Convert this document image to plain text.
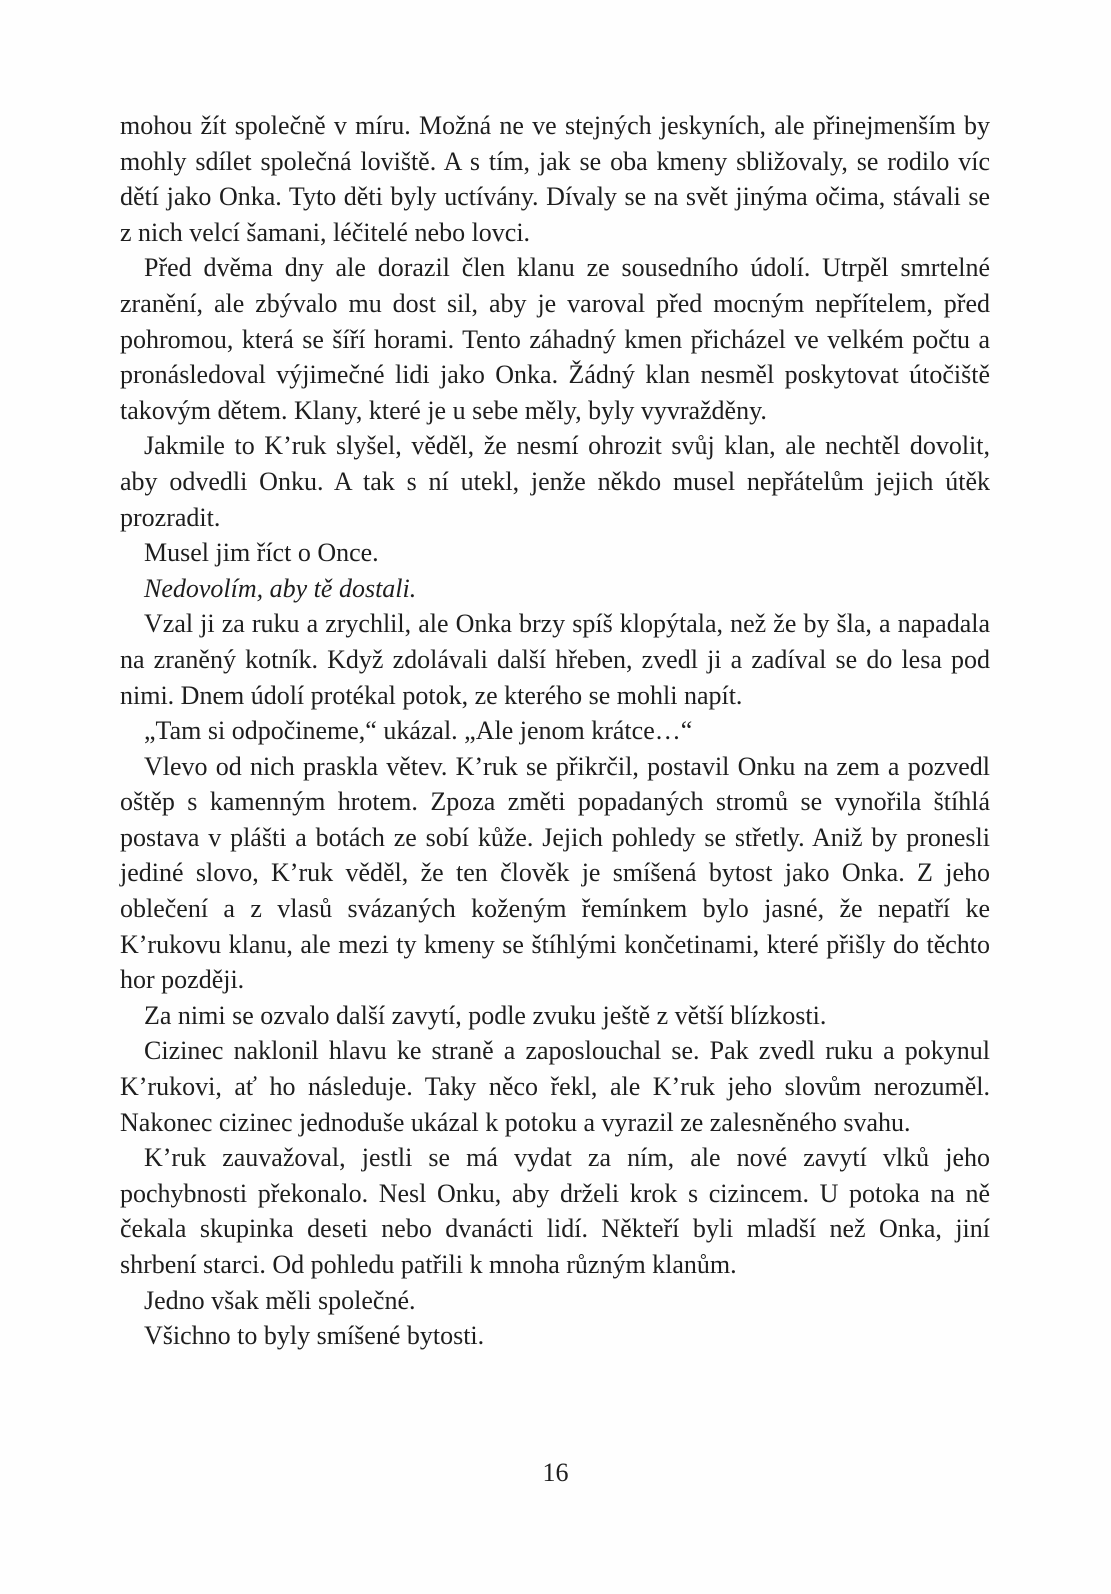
mohou žít společně v míru. Možná ne ve stejných jeskyních, ale přinejmenším by mohly sdílet společná loviště. A s tím, jak se oba kmeny sbližovaly, se rodilo víc dětí jako Onka. Tyto děti byly uctívány. Dívaly se na svět jinýma očima, stávali se z nich velcí šamani, léčitelé nebo lovci.

Před dvěma dny ale dorazil člen klanu ze sousedního údolí. Utrpěl smrtelné zranění, ale zbývalo mu dost sil, aby je varoval před mocným nepřítelem, před pohromou, která se šíří horami. Tento záhadný kmen přicházel ve velkém počtu a pronásledoval výjimečné lidi jako Onka. Žádný klan nesměl poskytovat útočiště takovým dětem. Klany, které je u sebe měly, byly vyvražděny.

Jakmile to K’ruk slyšel, věděl, že nesmí ohrozit svůj klan, ale nechtěl dovolit, aby odvedli Onku. A tak s ní utekl, jenže někdo musel nepřátelům jejich útěk prozradit.

Musel jim říct o Once.

Nedovolím, aby tě dostali.

Vzal ji za ruku a zrychlil, ale Onka brzy spíš klopýtala, než že by šla, a napadala na zraněný kotník. Když zdolávali další hřeben, zvedl ji a zadíval se do lesa pod nimi. Dnem údolí protékal potok, ze kterého se mohli napít.

„Tam si odpočineme,“ ukázal. „Ale jenom krátce…“

Vlevo od nich praskla větev. K’ruk se přikrčil, postavil Onku na zem a pozvedl oštěp s kamenným hrotem. Zpoza změti popadaných stromů se vynořila štíhlá postava v plášti a botách ze sobí kůže. Jejich pohledy se střetly. Aniž by pronesli jediné slovo, K’ruk věděl, že ten člověk je smíšená bytost jako Onka. Z jeho oblečení a z vlasů svázaných koženým řemínkem bylo jasné, že nepatří ke K’rukovu klanu, ale mezi ty kmeny se štíhlými končetinami, které přišly do těchto hor později.

Za nimi se ozvalo další zavytí, podle zvuku ještě z větší blízkosti.

Cizinec naklonil hlavu ke straně a zaposlouchal se. Pak zvedl ruku a pokynul K’rukovi, ať ho následuje. Taky něco řekl, ale K’ruk jeho slovům nerozuměl. Nakonec cizinec jednoduše ukázal k potoku a vyrazil ze zalesněného svahu.

K’ruk zauvažoval, jestli se má vydat za ním, ale nové zavytí vlků jeho pochybnosti překonalo. Nesl Onku, aby drželi krok s cizincem. U potoka na ně čekala skupinka deseti nebo dvanácti lidí. Někteří byli mladší než Onka, jiní shrbení starci. Od pohledu patřili k mnoha různým klanům.

Jedno však měli společné.

Všichno to byly smíšené bytosti.

16
